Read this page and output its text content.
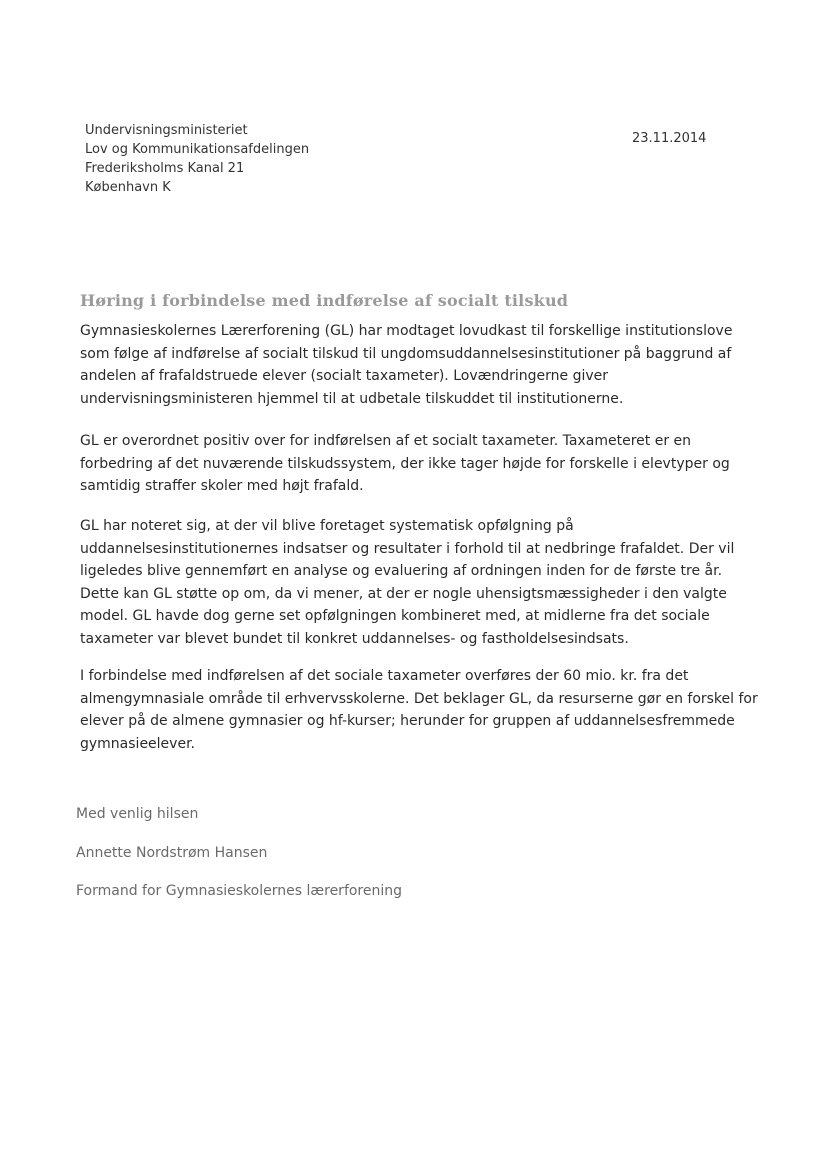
Undervisningsministeriet
Lov og Kommunikationsafdelingen
Frederiksholms Kanal 21
København K
23.11.2014
Høring i forbindelse med indførelse af socialt tilskud
Gymnasieskolernes Lærerforening (GL) har modtaget lovudkast til forskellige institutionslove som følge af indførelse af socialt tilskud til ungdomsuddannelsesinstitutioner på baggrund af andelen af frafaldstruede elever (socialt taxameter). Lovændringerne giver undervisningsministeren hjemmel til at udbetale tilskuddet til institutionerne.
GL er overordnet positiv over for indførelsen af et socialt taxameter. Taxameteret er en forbedring af det nuværende tilskudssystem, der ikke tager højde for forskelle i elevtyper og samtidig straffer skoler med højt frafald.
GL har noteret sig, at der vil blive foretaget systematisk opfølgning på uddannelsesinstitutionernes indsatser og resultater i forhold til at nedbringe frafaldet. Der vil ligeledes blive gennemført en analyse og evaluering af ordningen inden for de første tre år. Dette kan GL støtte op om, da vi mener, at der er nogle uhensigtsmæssigheder i den valgte model. GL havde dog gerne set opfølgningen kombineret med, at midlerne fra det sociale taxameter var blevet bundet til konkret uddannelses- og fastholdelsesindsats.
I forbindelse med indførelsen af det sociale taxameter overføres der 60 mio. kr. fra det almengymnasiale område til erhvervsskolerne. Det beklager GL, da resurserne gør en forskel for elever på de almene gymnasier og hf-kurser; herunder for gruppen af uddannelsesfremmede gymnasieelever.
Med venlig hilsen
Annette Nordstrøm Hansen
Formand for Gymnasieskolernes lærerforening
